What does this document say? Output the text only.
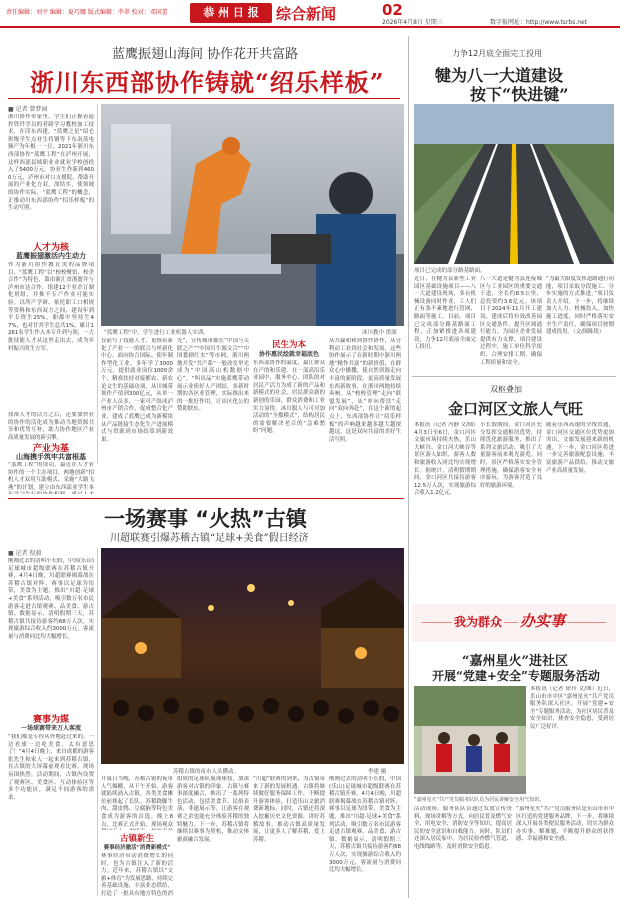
责任编辑：刘平 编辑：夏巧娜 版式编辑：李翠 校对：邓国蕾	恭 州 日 报	综合新闻	02
2026年4月8日 星期三	数字报网址：http://www.tsrbs.net
蓝鹰振翅山海间 协作花开共富路
浙川东西部协作铸就“绍乐样板”
■ 记者 曾梦园
浙川协作牵家里，学生们正握着遥控铁钎学员的者跨学习教校加工技术，在印东西建，“蓝鹰之星”绍仑班级学生点业生将钢等下东南蒸电频产为年根一一日，2021年浙川东西部协作“蓝鹰工程”在泸州开展，这样西部县域职业业就业学校创投入了5400万元。协业生作新到4600万元，泸州市对口支援院，帮助开展的产业化方双，深结实，使领域的协作实际，“蓝鹰工程”的概念，正推动川东西部协作“招乐样板”的生动写照。
人才为核
蓝鹰振翅激活内生动力
作为浙川协作教育类的品牌项目，“蓝鹰工程”以“校校聚馆、校企合作”为特色，第由浙汇省浙盟并与泸州市达合作，组建12个业企订制化班组，并推不专产作业可能实验。以所产学研、依托职工口相规等资料和东西双方之间，建设年到平专资生25%，职都中坚持生47%，也对甘其学生总共1%，累计1261名学生作入本专升到与领，一大批技能人才从这里走出去，成为乡村振兴的生方军。
找准人才的活力之后，还要加快业的协作的活化成为推动当地资源共享和优势互补，助力协作地区产业高质量发展的新引擎。
“蓝鹰工程”中，学生进行工业机器人实训。	沐川教中 供图
产业为基
山海携手筑牢共富根基
“蓝鹰工程”的成功，最近在人才业协作的一个主办项目，两地创新“招机人才双用互助模式，采施“大路飞燕”的计划，建立由东西部业学生本
仅前写了技能人才，更推着新化了产业一一的联合与丝新化中心，面向协合国际、使年制作型化工业，多年学了3000万元，提供就业岗位1000余个，精准扶持对接都农、新农论文生的基础功项，从川城带领作产值到300亿元，从单一产业人员多，一家可产组成泸州市产销合作，促成整合化产业，建成了蓝鹰已成为新模块从产品链接生态化生产进展模式与资源到市场结算到新效果。
光”，宣传城市都在“中国与关联之产”“中国川牛源文合”“中国婺剧红水”等市网，浙川两地开发“共产系”一般改室里光成为“中国高山机数据中心”，“叫出品”实施蓝鹰带动展示业质好人产团结，多新时期的各区业管理，实际推出来的一批好作用，让出区化公的赞助联东。
民生为本
协作惠民绘就幸福底色
东西部协作的温度，最让群众在产的和乐建。在一部高沿乐业园中，服务中心，团队的对居民产活力为成了新的产品和新模式的社会，居民群众新的新创的乐园。群众消费和工业实力显得，沐川服人与可对加活动的“全都模式”，结构居民的需要解决老百的“急难愁盼”问题。
从共赢和和到协作协作，从分利动工业到社会和发展，这些协作展示了在新时期中浙川两地“精作共富”的新价值，在群众心中播撒，使自然资源走向丰富的新阶段。更高质量发展东西新故事，在浙川两地持续奏响。从“校校管理”走向“联盟发展”，从“单向帮扶”走向“双向奔赴”，在这个新的起点上，东西部协作让“绍乐样板”的声响越来越多越大越深越远，这是双向共富的美好生活写照。
一场赛事 “火热”古镇
川超联赛引爆苏稽古镇“足球+美食”假日经济
■ 记者 倪毅
刚刚过去的清明小长假，中国(乐山)足球城市超级联赛在苏稽古镇开赛，4月4日晚，川超联赛揭幕战在苏稽古镇对阵，赛事以足球为纽带，美食为主题，推出“川超·足球+美食”系列活动，吸引数万名市民游客走进古镇观赛、品美食、游古镇。数据显示，清明假期三天，苏稽古镇共接待游客约68万人次，实现旅游综合收入约3000万元，客流量与消费同比均大幅增长。
赛事为媒
一场球赛带来万人客流
“我们都是专程从外地赶过来的，一边看球一边吃美食，太有意思了！”4月4日晚上，来自成都的游客张先生和家人一起来到苏稽古镇，在古镇的大屏幕前观看比赛，现场氛围热烈。活动期间，古镇内设置了观赛区、美食区、互动体验区等多个功能区，满足不同游客的需求。
苏稽古镇的夜市人头攒动。	李建 摄
开幕日当晚，苏稽古镇的夜市人气爆棚，从下午开始，游客就陆续涌入古镇，各类美食摊位前排起了长队。苏稽跷脚牛肉、甜皮鸭、豆腐脑等特色美食成为游客的首选。晚上8点，比赛正式开始，现场观众
古镇新生
赛事经济激活“消费新模式”
赛事经济带动消费增长的同时，也为古镇注入了新的活力。近年来，苏稽古镇以“文旅+体育”为发展思路，持续完善基础设施，丰富业态供给，打造了一批具有地方特色的消
组成的足球队展现球技，加深游客对古镇的印象。古镇与赛事深度融合，推出了一系列特色活动，包括美食节、民俗表演、非遗展示等，让游客在观赛之余也能充分体验苏稽的独特魅力。下一步，苏稽古镇将继续以赛事为契机，推动文体旅商融合发展。
“川超”联赛的到来，为古镇带来了新的发展机遇。古镇将继续做好服务保障工作，不断提升游客体验，打造乐山文旅消费新地标。同时，古镇还将深入挖掘历史文化资源，讲好苏稽故事，推动古镇高质量发展，让更多人了解苏稽、爱上苏稽。
刚刚过去的清明小长假，中国(乐山)足球城市超级联赛在苏稽古镇开赛，4月4日晚，川超联赛揭幕战在苏稽古镇对阵，赛事以足球为纽带，美食为主题，推出“川超·足球+美食”系列活动，吸引数万名市民游客走进古镇观赛、品美食、游古镇。数据显示，清明假期三天，苏稽古镇共接待游客约68万人次，实现旅游综合收入约3000万元，客流量与消费同比均大幅增长。
力争12月底全面完工投用
犍为八一大道建设
按下“快进键”
项目已完成的部分路基路面。
近日，在犍为县新型工业园区基础设施项目——八一大道建设现场，多台机械设备同时作业，工人们正有条不紊地进行管网、路面等施工。目前，项目已完成部分路基路面工程，正加紧推进各项建设，力争12月底前全面完工投用。
八一大道是犍为县连接城区与工业园区的重要交通干道，全长约8.5公里，总投资约3.6亿元。该项目于2024年11月开工建设，建成后将有效改善园区交通条件，提升区域通行能力，为园区企业发展提供有力支撑。项目建设过程中，施工单位科学组织，合理安排工期，确保工程质量和安全。
“为最大限度发挥道路通行功能，项目采取分段施工、分步实施的方式推进。”项目负责人介绍，下一步，将继续加大人力、机械投入，加快施工进度，同时严格落实安全生产责任，确保项目按期建成投用。（文/图陈锐）
双枢叠加
金口河区文旅人气旺
本报讯（记者 冯静 文/图）4月3日至6日，金口河区文旅市场持续火热，乐山大峡谷、金口河大峡谷等景区游人如织，游客人数和旅游收入同比均实现增长。据统计，清明假期期间，金口河区共接待游客12.5万人次，实现旅游综合收入1.2亿元。
小长假期间，金口河区充分发挥交通枢纽优势，持续优化旅游服务，推出了系列文旅活动，吸引了大量游客前来观光游览。同时，景区严格落实安全管理措施，确保游客安全有序游玩，为游客营造了良好的旅游环境。
随着乐西高速的全线贯通，金口河区交通区位优势更加突出，文旅发展迎来新的机遇。下一步，金口河区将进一步完善旅游配套设施，丰富旅游产品供给，推动文旅产业高质量发展。
我为群众 办实事
“嘉州星火”进社区
开展“党建+安全”专题服务活动
本报讯（记者 徐玲 文/图）近日，乐山市市中区“嘉州星火”共产党员服务队深入社区，开展“党建+安全”专题服务活动，为社区居民普及安全知识，排查安全隐患，受到居民广泛好评。
“嘉州星火”共产党员服务队队员为居民讲解安全用气知识。
活动现场，服务队队员通过发放宣传资料、现场讲解等方式，向居民普及燃气安全、用电安全、消防安全等知识，提高居民的安全意识和自救能力。同时，队员们还深入居民家中，为居民检查燃气管道、电线线路等，及时消除安全隐患。
“嘉州星火”共产党员服务队是乐山市市中区打造的党建服务品牌，下一步，将继续深入开展各类便民服务活动，切实为群众办实事、解难题，不断提升群众的获得感、幸福感和安全感。
